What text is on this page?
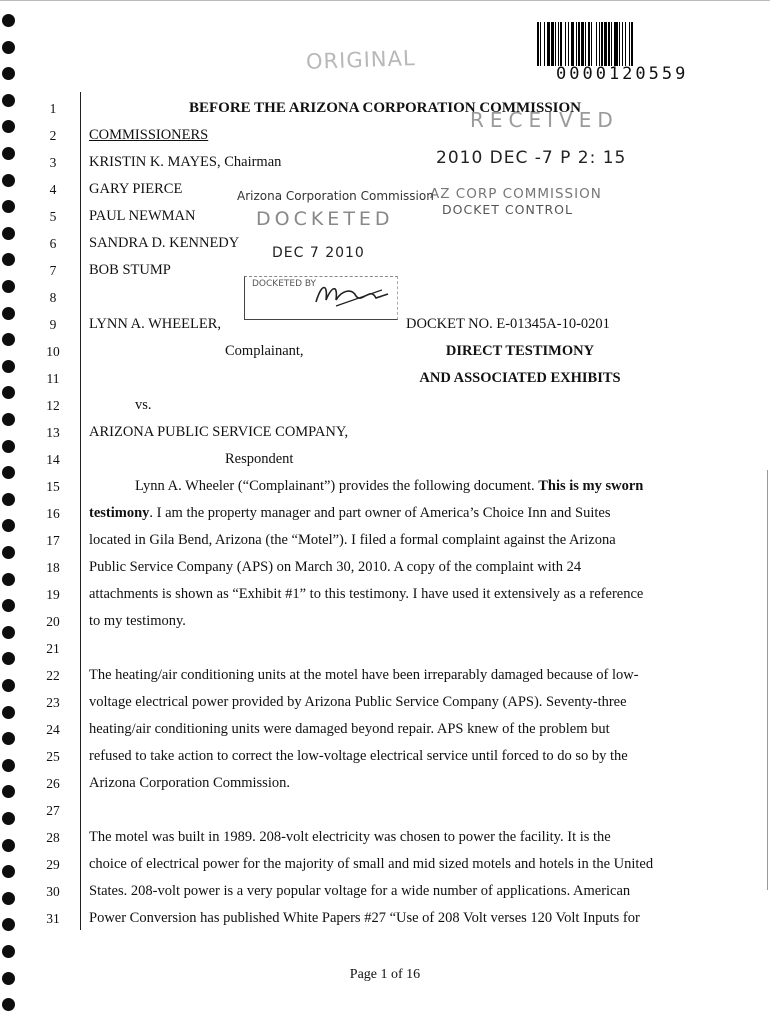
0000120559
ORIGINAL
RECEIVED
2010 DEC -7 P 2: 15
AZ CORP COMMISSION
DOCKET CONTROL
Arizona Corporation Commission
DOCKETED
DEC 7 2010
DOCKETED BY
1
2
3
4
5
6
7
8
9
10
11
12
13
14
15
16
17
18
19
20
21
22
23
24
25
26
27
28
29
30
31
BEFORE THE ARIZONA CORPORATION COMMISSION
COMMISSIONERS
KRISTIN K. MAYES, Chairman
GARY PIERCE
PAUL NEWMAN
SANDRA D. KENNEDY
BOB STUMP
LYNN A. WHEELER,	DOCKET NO. E-01345A-10-0201
Complainant,	DIRECT TESTIMONY
AND ASSOCIATED EXHIBITS
vs.
ARIZONA PUBLIC SERVICE COMPANY,
Respondent
Lynn A. Wheeler (“Complainant”) provides the following document. This is my sworn
testimony. I am the property manager and part owner of America’s Choice Inn and Suites
located in Gila Bend, Arizona (the “Motel”). I filed a formal complaint against the Arizona
Public Service Company (APS) on March 30, 2010. A copy of the complaint with 24
attachments is shown as “Exhibit #1” to this testimony. I have used it extensively as a reference
to my testimony.
The heating/air conditioning units at the motel have been irreparably damaged because of low-
voltage electrical power provided by Arizona Public Service Company (APS). Seventy-three
heating/air conditioning units were damaged beyond repair. APS knew of the problem but
refused to take action to correct the low-voltage electrical service until forced to do so by the
Arizona Corporation Commission.
The motel was built in 1989. 208-volt electricity was chosen to power the facility. It is the
choice of electrical power for the majority of small and mid sized motels and hotels in the United
States. 208-volt power is a very popular voltage for a wide number of applications. American
Power Conversion has published White Papers #27 “Use of 208 Volt verses 120 Volt Inputs for
Page 1 of 16
